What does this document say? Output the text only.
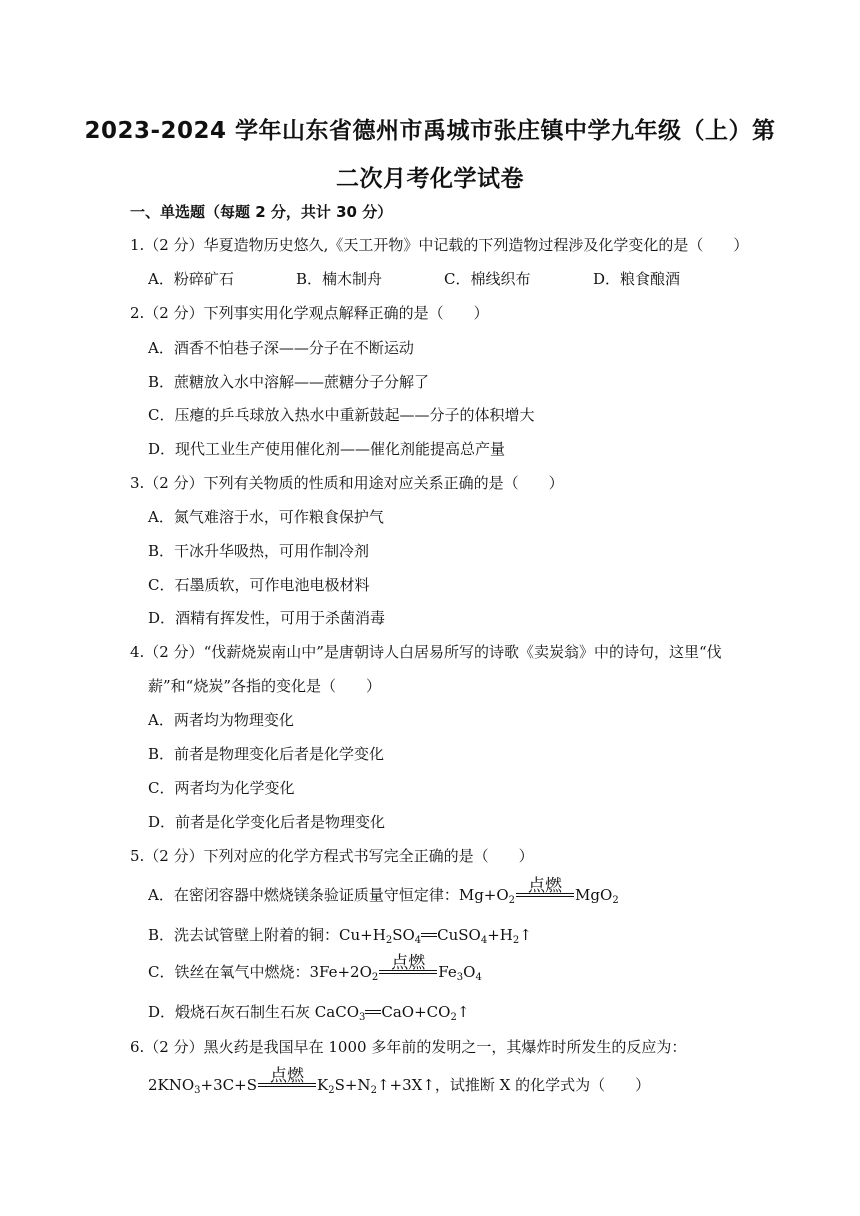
2023-2024 学年山东省德州市禹城市张庄镇中学九年级（上）第
二次月考化学试卷
一、单选题（每题 2 分，共计 30 分）
1.（2 分）华夏造物历史悠久,《天工开物》中记载的下列造物过程涉及化学变化的是（　　）
A．粉碎矿石	B．楠木制舟	C．棉线织布	D．粮食酿酒
2.（2 分）下列事实用化学观点解释正确的是（　　）
A．酒香不怕巷子深——分子在不断运动
B．蔗糖放入水中溶解——蔗糖分子分解了
C．压瘪的乒乓球放入热水中重新鼓起——分子的体积增大
D．现代工业生产使用催化剂——催化剂能提高总产量
3.（2 分）下列有关物质的性质和用途对应关系正确的是（　　）
A．氮气难溶于水，可作粮食保护气
B．干冰升华吸热，可用作制冷剂
C．石墨质软，可作电池电极材料
D．酒精有挥发性，可用于杀菌消毒
4.（2 分）“伐薪烧炭南山中”是唐朝诗人白居易所写的诗歌《卖炭翁》中的诗句，这里“伐
薪”和“烧炭”各指的变化是（　　）
A．两者均为物理变化
B．前者是物理变化后者是化学变化
C．两者均为化学变化
D．前者是化学变化后者是物理变化
5.（2 分）下列对应的化学方程式书写完全正确的是（　　）
A．在密闭容器中燃烧镁条验证质量守恒定律：$Mg+O_2$
点燃 MgO$_2$
B．洗去试管壁上附着的铜：$Cu+H_2SO_4$ $CuSO_4+H_2↑$
C．铁丝在氧气中燃烧：$3Fe+2O_2$
点燃 $Fe_3O_4$
D．煅烧石灰石制生石灰 CaCO$_3$ $CaO+CO_2↑$
6.（2 分）黑火药是我国早在 1000 多年前的发明之一，其爆炸时所发生的反应为：
$2KNO_3+3C+S$ 点燃 $K_2S+N_2↑+3X↑$，试推断 X 的化学式为（　　）
